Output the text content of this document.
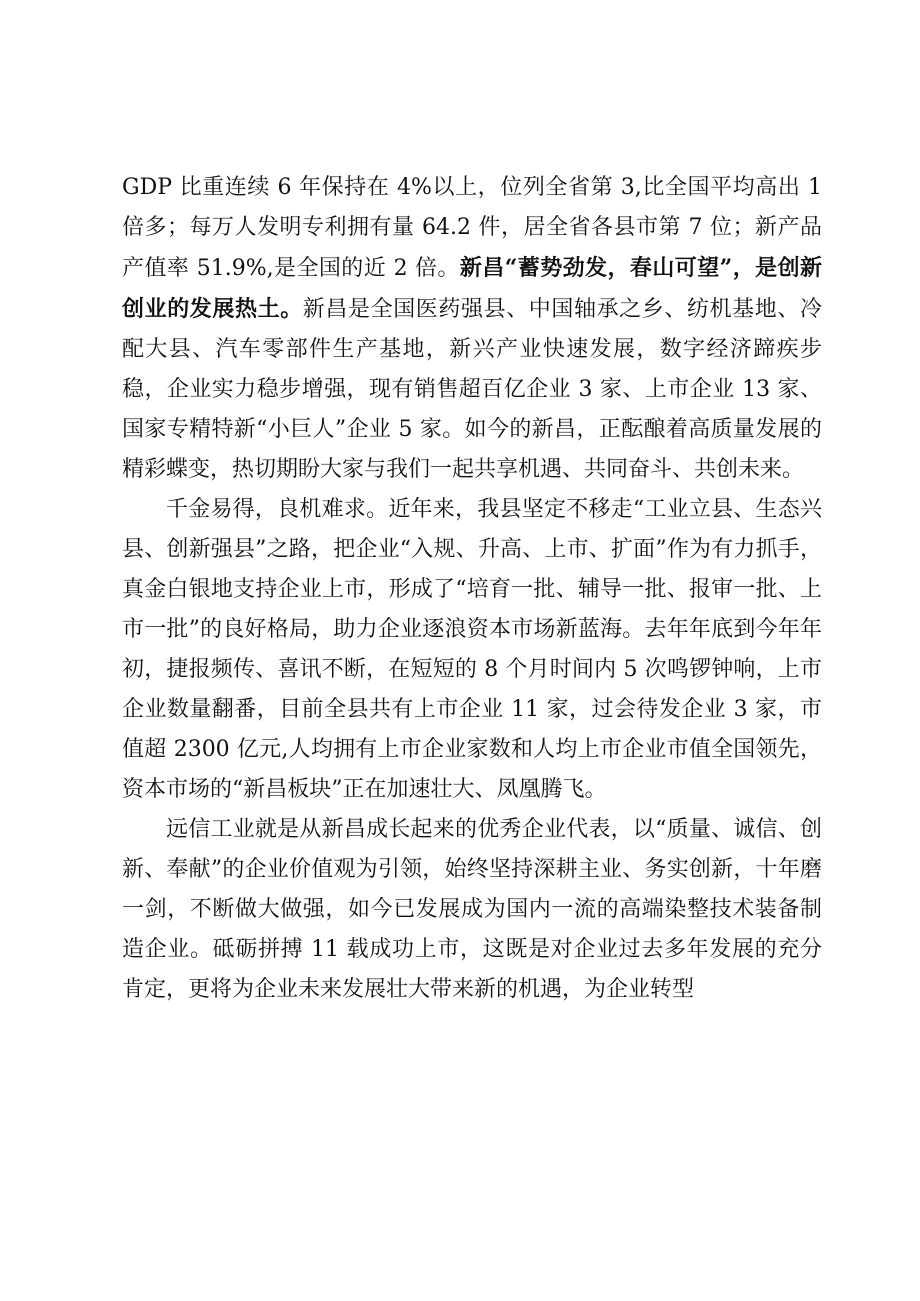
GDP 比重连续 6 年保持在 4%以上，位列全省第 3,比全国平均高出 1 倍多；每万人发明专利拥有量 64.2 件，居全省各县市第 7 位；新产品产值率 51.9%,是全国的近 2 倍。新昌“蓄势劲发，春山可望”，是创新创业的发展热土。新昌是全国医药强县、中国轴承之乡、纺机基地、冷配大县、汽车零部件生产基地，新兴产业快速发展，数字经济蹄疾步稳，企业实力稳步增强，现有销售超百亿企业 3 家、上市企业 13 家、国家专精特新“小巨人”企业 5 家。如今的新昌，正酝酿着高质量发展的精彩蝶变，热切期盼大家与我们一起共享机遇、共同奋斗、共创未来。

千金易得，良机难求。近年来，我县坚定不移走“工业立县、生态兴县、创新强县”之路，把企业“入规、升高、上市、扩面”作为有力抓手，真金白银地支持企业上市，形成了“培育一批、辅导一批、报审一批、上市一批”的良好格局，助力企业逐浪资本市场新蓝海。去年年底到今年年初，捷报频传、喜讯不断，在短短的 8 个月时间内 5 次鸣锣钟响，上市企业数量翻番，目前全县共有上市企业 11 家，过会待发企业 3 家，市值超 2300 亿元,人均拥有上市企业家数和人均上市企业市值全国领先，资本市场的“新昌板块”正在加速壮大、凤凰腾飞。

远信工业就是从新昌成长起来的优秀企业代表，以“质量、诚信、创新、奉献”的企业价值观为引领，始终坚持深耕主业、务实创新，十年磨一剑，不断做大做强，如今已发展成为国内一流的高端染整技术装备制造企业。砥砺拼搏 11 载成功上市，这既是对企业过去多年发展的充分肯定，更将为企业未来发展壮大带来新的机遇，为企业转型
